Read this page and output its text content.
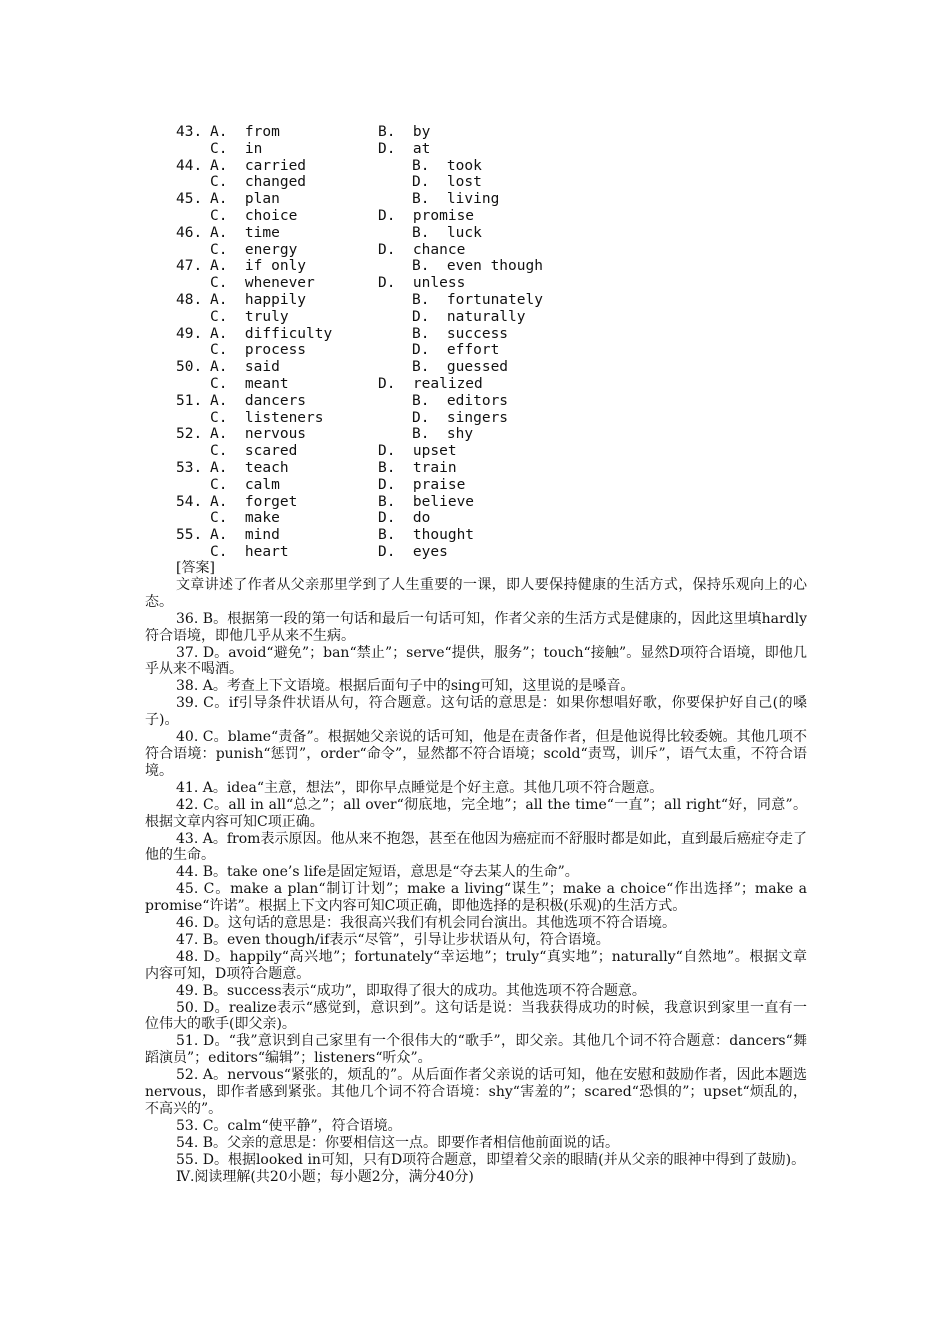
43. A.  from	B.  by
C.  in	D.  at
44. A.  carried	B.  took
C.  changed	D.  lost
45. A.  plan	B.  living
C.  choice	D.  promise
46. A.  time	B.  luck
C.  energy	D.  chance
47. A.  if only	B.  even though
C.  whenever	D.  unless
48. A.  happily	B.  fortunately
C.  truly	D.  naturally
49. A.  difficulty	B.  success
C.  process	D.  effort
50. A.  said	B.  guessed
C.  meant	D.  realized
51. A.  dancers	B.  editors
C.  listeners	D.  singers
52. A.  nervous	B.  shy
C.  scared	D.  upset
53. A.  teach	B.  train
C.  calm	D.  praise
54. A.  forget	B.  believe
C.  make	D.  do
55. A.  mind	B.  thought
C.  heart	D.  eyes

[答案]

文章讲述了作者从父亲那里学到了人生重要的一课，即人要保持健康的生活方式，保持乐观向上的心态。

36. B。根据第一段的第一句话和最后一句话可知，作者父亲的生活方式是健康的，因此这里填hardly符合语境，即他几乎从来不生病。

37. D。avoid“避免”；ban“禁止”；serve“提供，服务”；touch“接触”。显然D项符合语境，即他几乎从来不喝酒。

38. A。考查上下文语境。根据后面句子中的sing可知，这里说的是嗓音。

39. C。if引导条件状语从句，符合题意。这句话的意思是：如果你想唱好歌，你要保护好自己(的嗓子)。

40. C。blame“责备”。根据她父亲说的话可知，他是在责备作者，但是他说得比较委婉。其他几项不符合语境：punish“惩罚”，order“命令”，显然都不符合语境；scold“责骂，训斥”，语气太重，不符合语境。

41. A。idea“主意，想法”，即你早点睡觉是个好主意。其他几项不符合题意。

42. C。all in all“总之”；all over“彻底地，完全地”；all the time“一直”；all right“好，同意”。根据文章内容可知C项正确。

43. A。from表示原因。他从来不抱怨，甚至在他因为癌症而不舒服时都是如此，直到最后癌症夺走了他的生命。

44. B。take one’s life是固定短语，意思是“夺去某人的生命”。

45. C。make a plan“制订计划”；make a living“谋生”；make a choice“作出选择”；make a promise“许诺”。根据上下文内容可知C项正确，即他选择的是积极(乐观)的生活方式。

46. D。这句话的意思是：我很高兴我们有机会同台演出。其他选项不符合语境。

47. B。even though/if表示“尽管”，引导让步状语从句，符合语境。

48. D。happily“高兴地”；fortunately“幸运地”；truly“真实地”；naturally“自然地”。根据文章内容可知，D项符合题意。

49. B。success表示“成功”，即取得了很大的成功。其他选项不符合题意。

50. D。realize表示“感觉到，意识到”。这句话是说：当我获得成功的时候，我意识到家里一直有一位伟大的歌手(即父亲)。

51. D。“我”意识到自己家里有一个很伟大的“歌手”，即父亲。其他几个词不符合题意：dancers“舞蹈演员”；editors“编辑”；listeners“听众”。

52. A。nervous“紧张的，烦乱的”。从后面作者父亲说的话可知，他在安慰和鼓励作者，因此本题选nervous，即作者感到紧张。其他几个词不符合语境：shy“害羞的”；scared“恐惧的”；upset“烦乱的，不高兴的”。

53. C。calm“使平静”，符合语境。

54. B。父亲的意思是：你要相信这一点。即要作者相信他前面说的话。

55. D。根据looked in可知，只有D项符合题意，即望着父亲的眼睛(并从父亲的眼神中得到了鼓励)。

Ⅳ.阅读理解(共20小题；每小题2分，满分40分)
